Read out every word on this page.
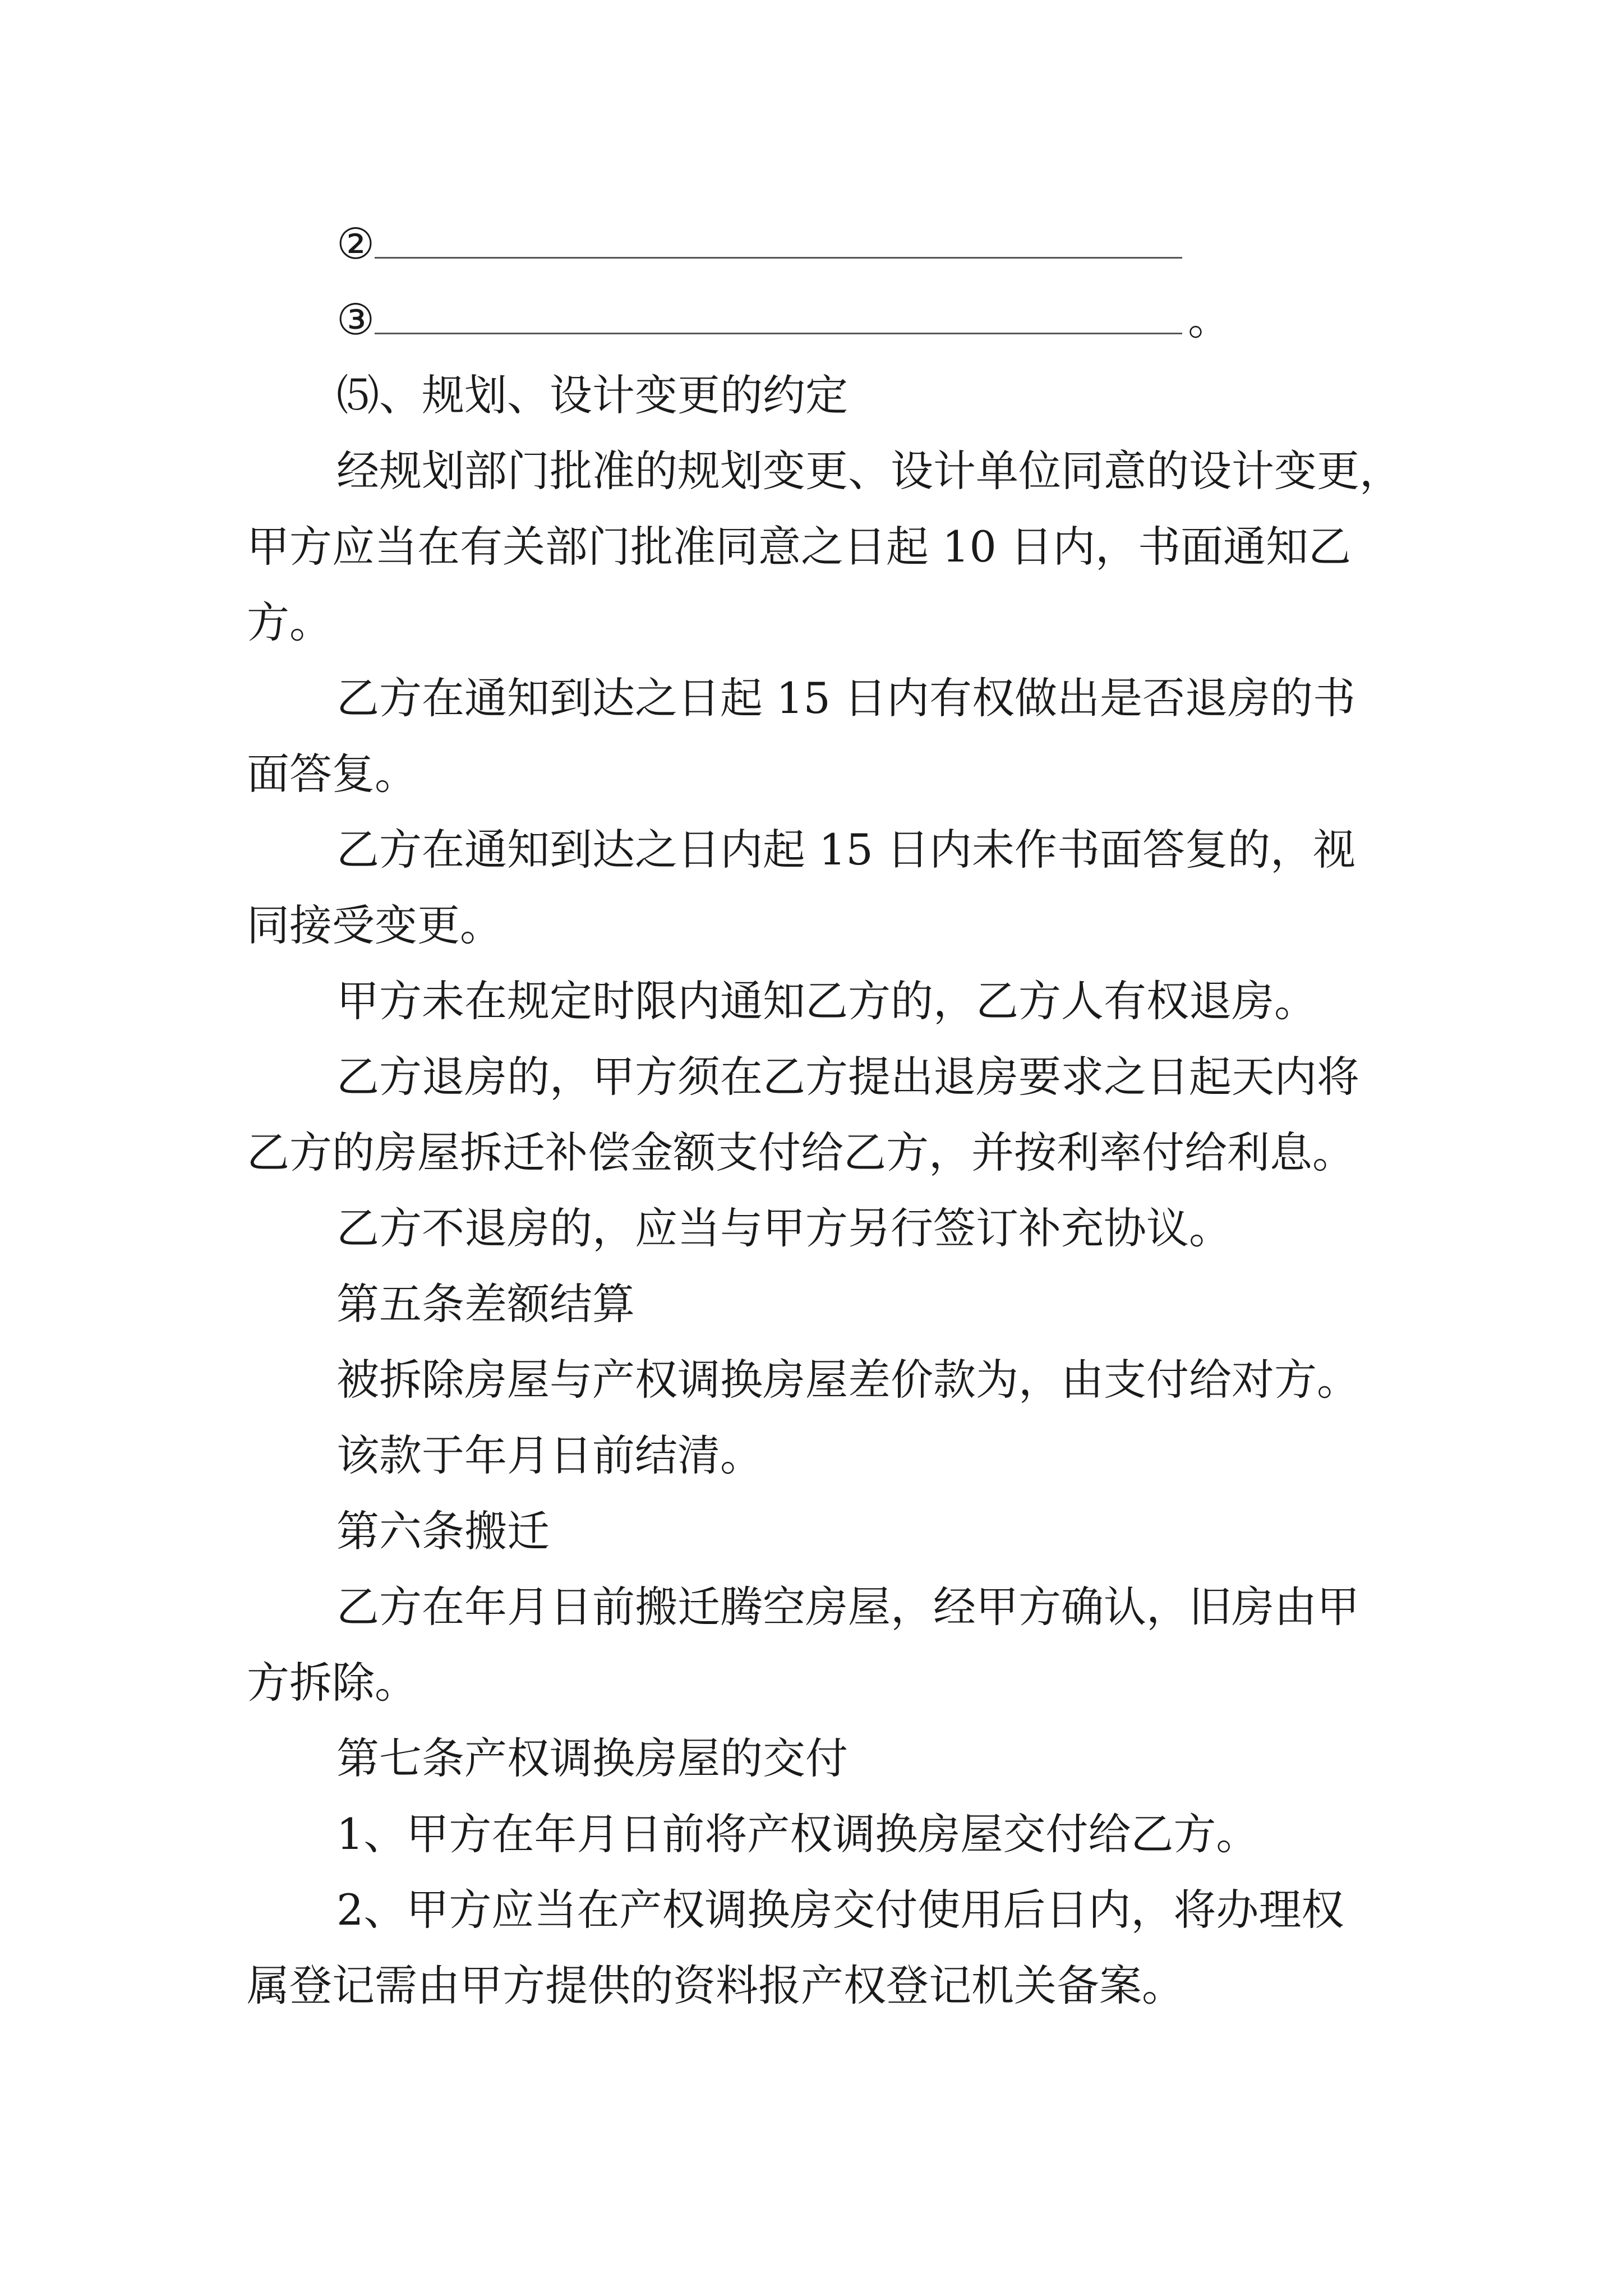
②
③	。
⑸、规划、设计变更的约定
经规划部门批准的规划变更、设计单位同意的设计变更，
甲方应当在有关部门批准同意之日起 10 日内，书面通知乙
方。
乙方在通知到达之日起 15 日内有权做出是否退房的书
面答复。
乙方在通知到达之日内起 15 日内未作书面答复的，视
同接受变更。
甲方未在规定时限内通知乙方的，乙方人有权退房。
乙方退房的，甲方须在乙方提出退房要求之日起天内将
乙方的房屋拆迁补偿金额支付给乙方，并按利率付给利息。
乙方不退房的，应当与甲方另行签订补充协议。
第五条差额结算
被拆除房屋与产权调换房屋差价款为，由支付给对方。
该款于年月日前结清。
第六条搬迁
乙方在年月日前搬迁腾空房屋，经甲方确认，旧房由甲
方拆除。
第七条产权调换房屋的交付
1、甲方在年月日前将产权调换房屋交付给乙方。
2、甲方应当在产权调换房交付使用后日内，将办理权
属登记需由甲方提供的资料报产权登记机关备案。
